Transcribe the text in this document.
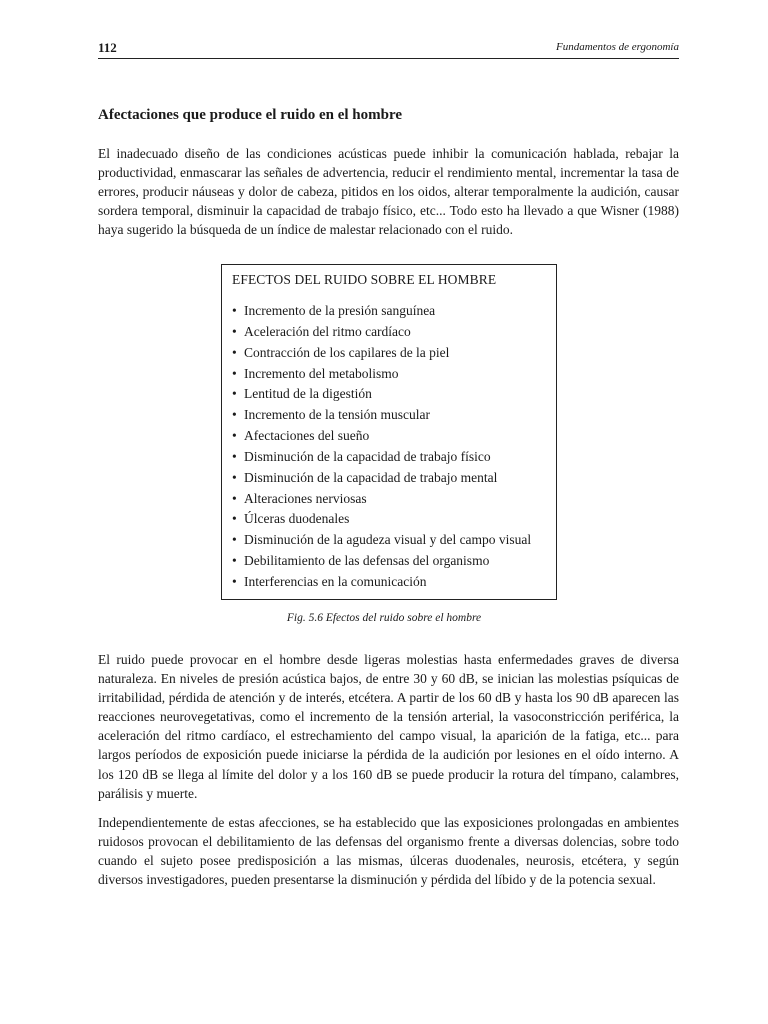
112	Fundamentos de ergonomía
Afectaciones que produce el ruido en el hombre

El inadecuado diseño de las condiciones acústicas puede inhibir la comunicación hablada, rebajar la productividad, enmascarar las señales de advertencia, reducir el rendimiento mental, incrementar la tasa de errores, producir náuseas y dolor de cabeza, pitidos en los oidos, alterar temporalmente la audición, causar sordera temporal, disminuir la capacidad de trabajo físico, etc... Todo esto ha llevado a que Wisner (1988) haya sugerido la búsqueda de un índice de malestar relacionado con el ruido.

EFECTOS DEL RUIDO SOBRE EL HOMBRE

• Incremento de la presión sanguínea
• Aceleración del ritmo cardíaco
• Contracción de los capilares de la piel
• Incremento del metabolismo
• Lentitud de la digestión
• Incremento de la tensión muscular
• Afectaciones del sueño
• Disminución de la capacidad de trabajo físico
• Disminución de la capacidad de trabajo mental
• Alteraciones nerviosas
• Úlceras duodenales
• Disminución de la agudeza visual y del campo visual
• Debilitamiento de las defensas del organismo
• Interferencias en la comunicación

Fig. 5.6 Efectos del ruido sobre el hombre

El ruido puede provocar en el hombre desde ligeras molestias hasta enfermedades graves de diversa naturaleza. En niveles de presión acústica bajos, de entre 30 y 60 dB, se inician las molestias psíquicas de irritabilidad, pérdida de atención y de interés, etcétera. A partir de los 60 dB y hasta los 90 dB aparecen las reacciones neurovegetativas, como el incremento de la tensión arterial, la vasoconstricción periférica, la aceleración del ritmo cardíaco, el estrechamiento del campo visual, la aparición de la fatiga, etc... para largos períodos de exposición puede iniciarse la pérdida de la audición por lesiones en el oído interno. A los 120 dB se llega al límite del dolor y a los 160 dB se puede producir la rotura del tímpano, calambres, parálisis y muerte.

Independientemente de estas afecciones, se ha establecido que las exposiciones prolongadas en ambientes ruidosos provocan el debilitamiento de las defensas del organismo frente a diversas dolencias, sobre todo cuando el sujeto posee predisposición a las mismas, úlceras duodenales, neurosis, etcétera, y según diversos investigadores, pueden presentarse la disminución y pérdida del líbido y de la potencia sexual.
